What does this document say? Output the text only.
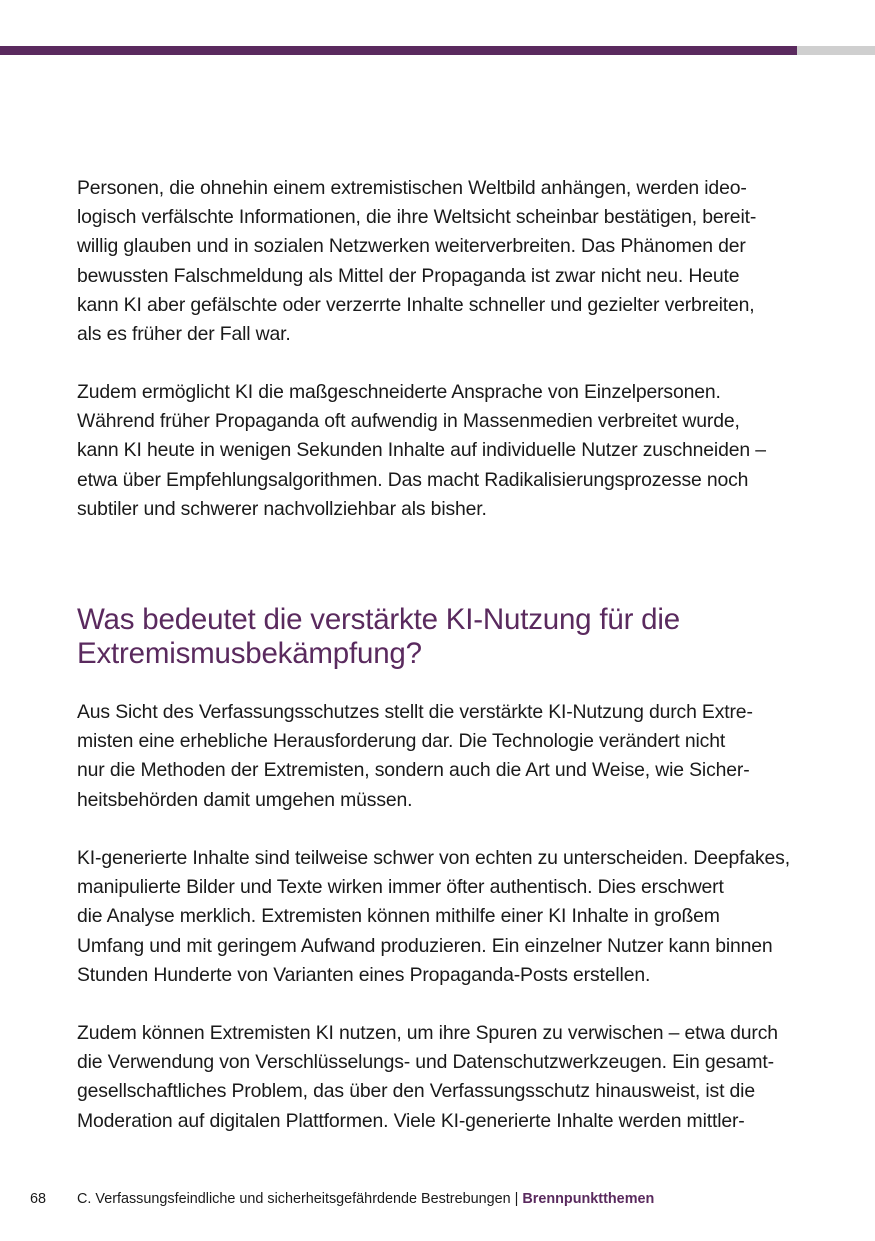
Personen, die ohnehin einem extremistischen Weltbild anhängen, werden ideo-
logisch verfälschte Informationen, die ihre Weltsicht scheinbar bestätigen, bereit-
willig glauben und in sozialen Netzwerken weiterverbreiten. Das Phänomen der
bewussten Falschmeldung als Mittel der Propaganda ist zwar nicht neu. Heute
kann KI aber gefälschte oder verzerrte Inhalte schneller und gezielter verbreiten,
als es früher der Fall war.

Zudem ermöglicht KI die maßgeschneiderte Ansprache von Einzelpersonen.
Während früher Propaganda oft aufwendig in Massenmedien verbreitet wurde,
kann KI heute in wenigen Sekunden Inhalte auf individuelle Nutzer zuschneiden –
etwa über Empfehlungsalgorithmen. Das macht Radikalisierungsprozesse noch
subtiler und schwerer nachvollziehbar als bisher.

Was bedeutet die verstärkte KI-Nutzung für die
Extremismusbekämpfung?

Aus Sicht des Verfassungsschutzes stellt die verstärkte KI-Nutzung durch Extre-
misten eine erhebliche Herausforderung dar. Die Technologie verändert nicht
nur die Methoden der Extremisten, sondern auch die Art und Weise, wie Sicher-
heitsbehörden damit umgehen müssen.

KI-generierte Inhalte sind teilweise schwer von echten zu unterscheiden. Deepfakes,
manipulierte Bilder und Texte wirken immer öfter authentisch. Dies erschwert
die Analyse merklich. Extremisten können mithilfe einer KI Inhalte in großem
Umfang und mit geringem Aufwand produzieren. Ein einzelner Nutzer kann binnen
Stunden Hunderte von Varianten eines Propaganda-Posts erstellen.

Zudem können Extremisten KI nutzen, um ihre Spuren zu verwischen – etwa durch
die Verwendung von Verschlüsselungs- und Datenschutzwerkzeugen. Ein gesamt-
gesellschaftliches Problem, das über den Verfassungsschutz hinausweist, ist die
Moderation auf digitalen Plattformen. Viele KI-generierte Inhalte werden mittler-

68 C. Verfassungsfeindliche und sicherheitsgefährdende Bestrebungen | Brennpunktthemen
